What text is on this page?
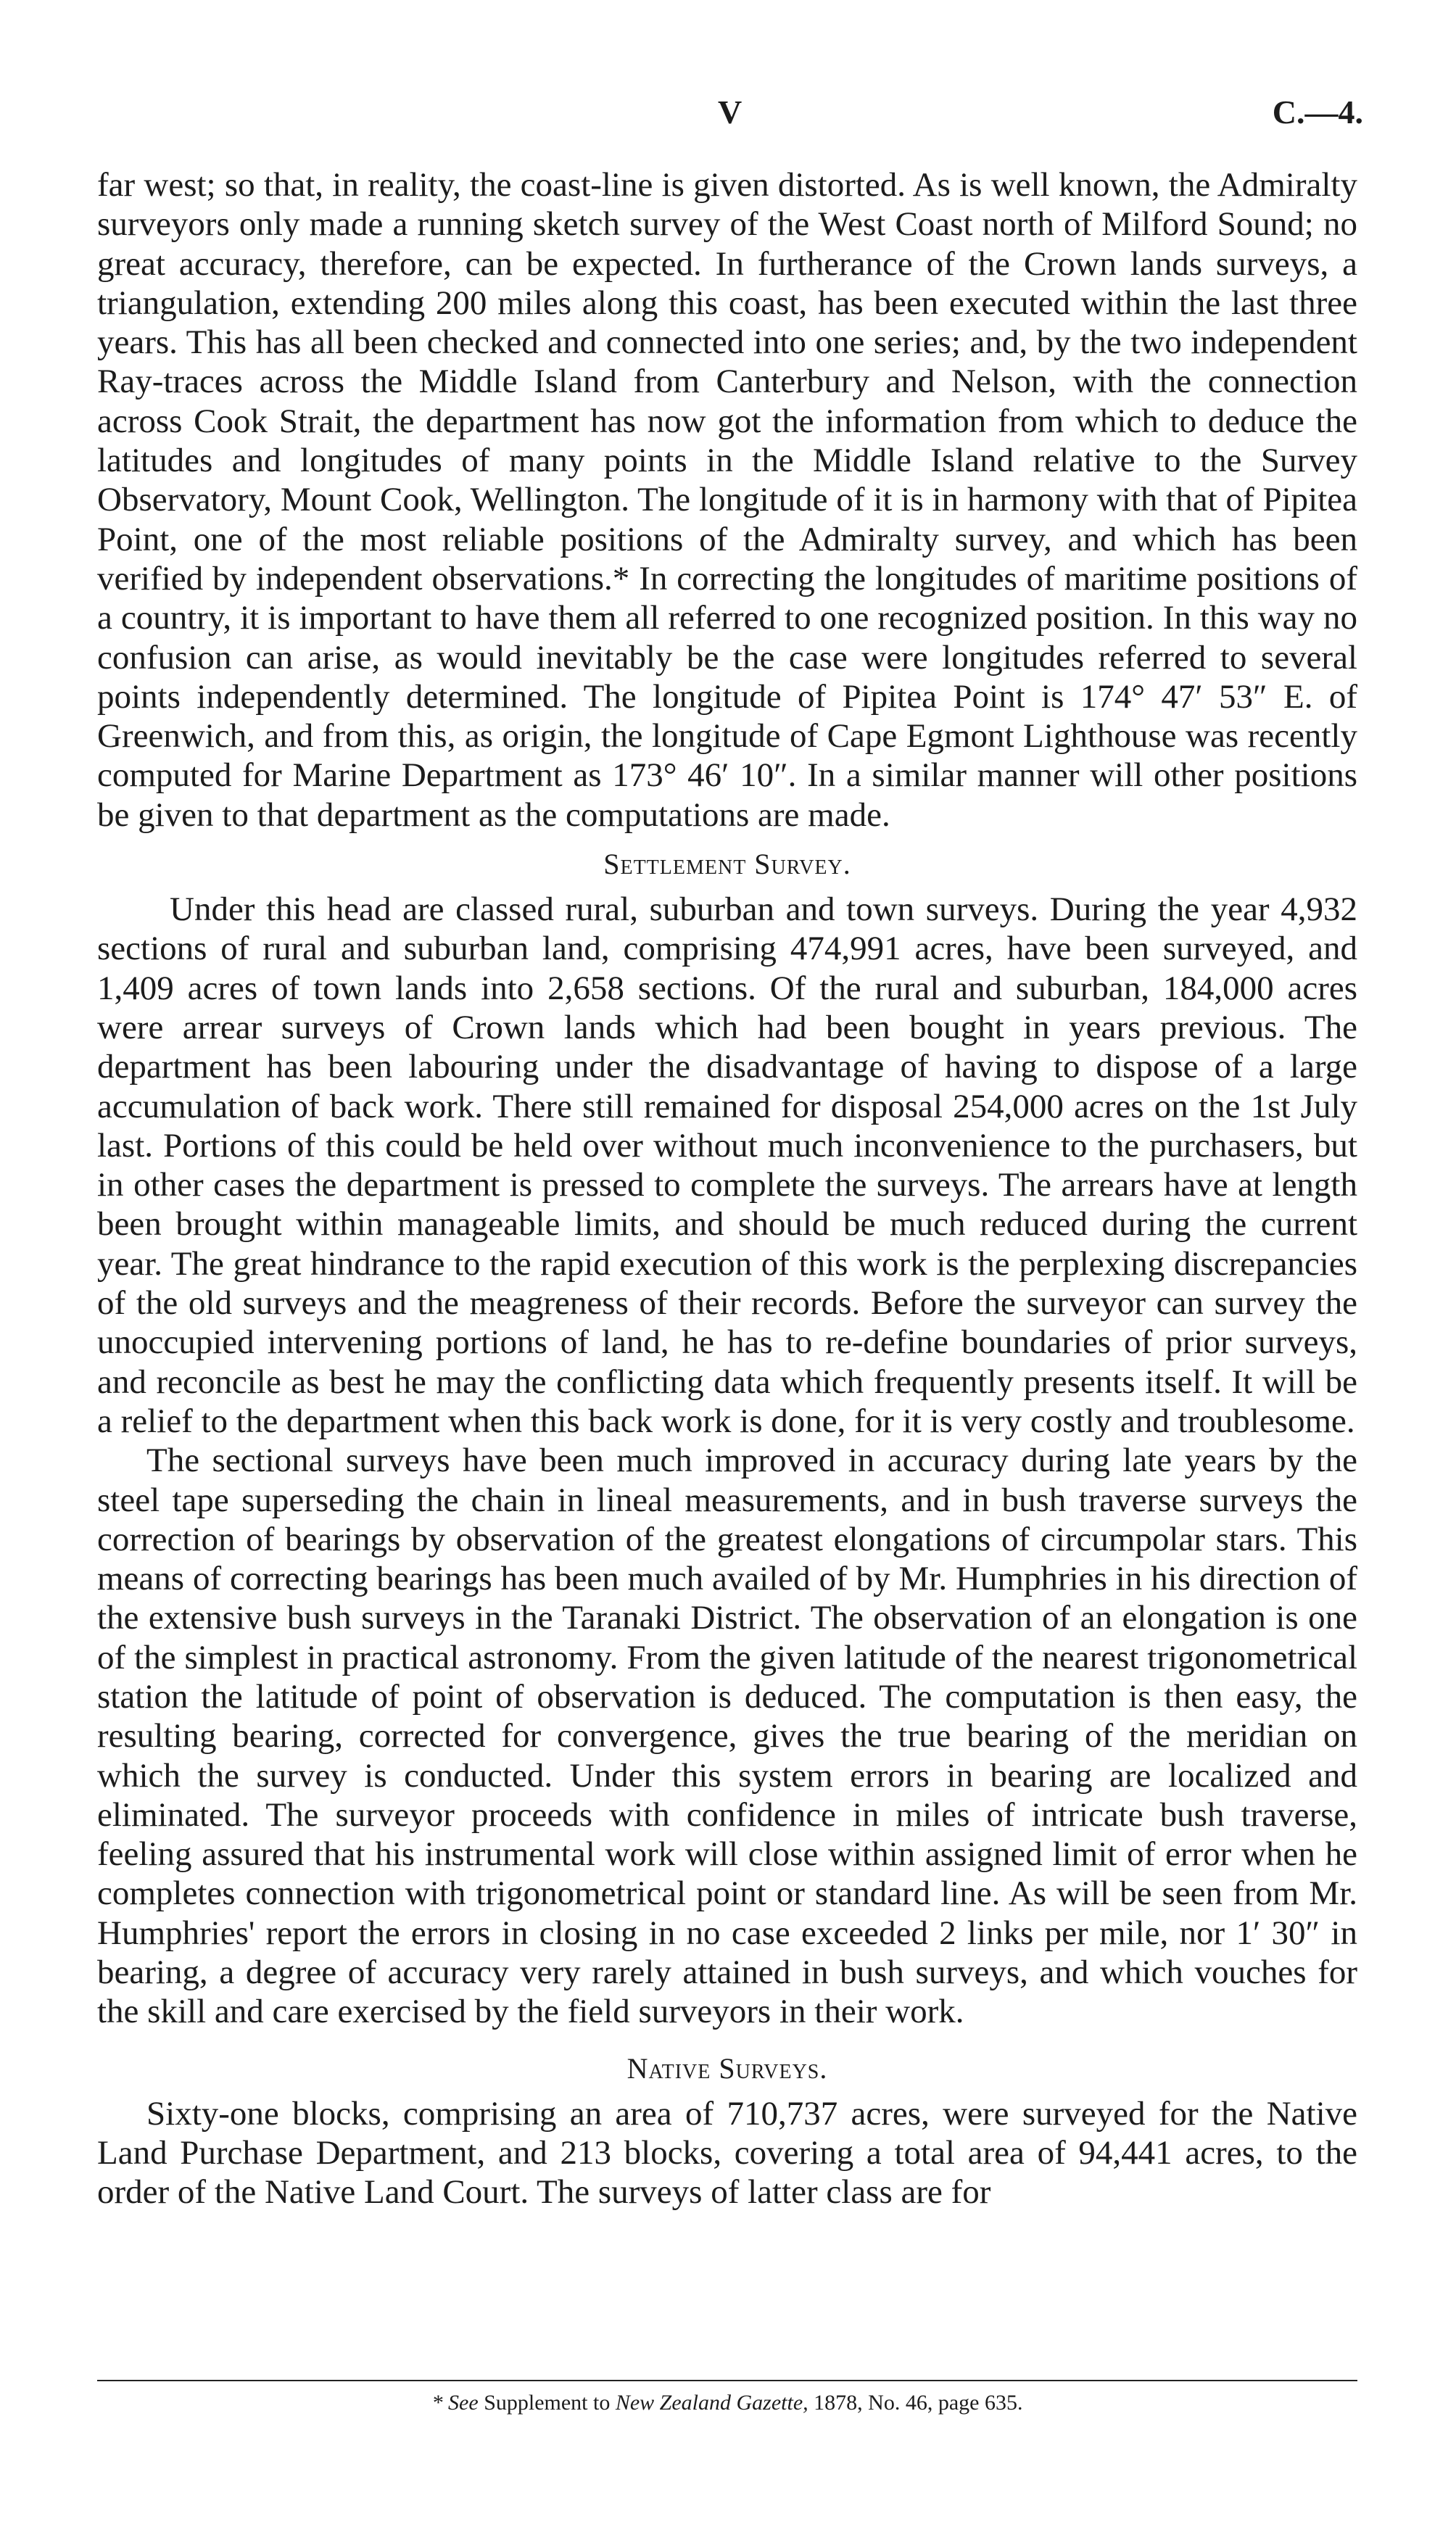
V	C.—4.

far west; so that, in reality, the coast-line is given distorted. As is well known, the Admiralty surveyors only made a running sketch survey of the West Coast north of Milford Sound; no great accuracy, therefore, can be expected. In furtherance of the Crown lands surveys, a triangulation, extending 200 miles along this coast, has been executed within the last three years. This has all been checked and connected into one series; and, by the two independent Ray-traces across the Middle Island from Canterbury and Nelson, with the connection across Cook Strait, the department has now got the information from which to deduce the latitudes and longitudes of many points in the Middle Island relative to the Survey Observatory, Mount Cook, Wellington. The longitude of it is in harmony with that of Pipitea Point, one of the most reliable positions of the Admiralty survey, and which has been verified by independent observations.* In correcting the longitudes of maritime positions of a country, it is important to have them all referred to one recognized position. In this way no confusion can arise, as would inevitably be the case were longitudes referred to several points independently determined. The longitude of Pipitea Point is 174° 47′ 53″ E. of Greenwich, and from this, as origin, the longitude of Cape Egmont Lighthouse was recently computed for Marine Department as 173° 46′ 10″. In a similar manner will other positions be given to that department as the computations are made.

Settlement Survey.

Under this head are classed rural, suburban and town surveys. During the year 4,932 sections of rural and suburban land, comprising 474,991 acres, have been surveyed, and 1,409 acres of town lands into 2,658 sections. Of the rural and suburban, 184,000 acres were arrear surveys of Crown lands which had been bought in years previous. The department has been labouring under the disadvantage of having to dispose of a large accumulation of back work. There still remained for disposal 254,000 acres on the 1st July last. Portions of this could be held over without much inconvenience to the purchasers, but in other cases the department is pressed to complete the surveys. The arrears have at length been brought within manageable limits, and should be much reduced during the current year. The great hindrance to the rapid execution of this work is the perplexing discrepancies of the old surveys and the meagreness of their records. Before the surveyor can survey the unoccupied intervening portions of land, he has to re-define boundaries of prior surveys, and reconcile as best he may the conflicting data which frequently presents itself. It will be a relief to the department when this back work is done, for it is very costly and troublesome.

The sectional surveys have been much improved in accuracy during late years by the steel tape superseding the chain in lineal measurements, and in bush traverse surveys the correction of bearings by observation of the greatest elongations of circumpolar stars. This means of correcting bearings has been much availed of by Mr. Humphries in his direction of the extensive bush surveys in the Taranaki District. The observation of an elongation is one of the simplest in practical astronomy. From the given latitude of the nearest trigonometrical station the latitude of point of observation is deduced. The computation is then easy, the resulting bearing, corrected for convergence, gives the true bearing of the meridian on which the survey is conducted. Under this system errors in bearing are localized and eliminated. The surveyor proceeds with confidence in miles of intricate bush traverse, feeling assured that his instrumental work will close within assigned limit of error when he completes connection with trigonometrical point or standard line. As will be seen from Mr. Humphries' report the errors in closing in no case exceeded 2 links per mile, nor 1′ 30″ in bearing, a degree of accuracy very rarely attained in bush surveys, and which vouches for the skill and care exercised by the field surveyors in their work.

Native Surveys.

Sixty-one blocks, comprising an area of 710,737 acres, were surveyed for the Native Land Purchase Department, and 213 blocks, covering a total area of 94,441 acres, to the order of the Native Land Court. The surveys of latter class are for

* See Supplement to New Zealand Gazette, 1878, No. 46, page 635.
